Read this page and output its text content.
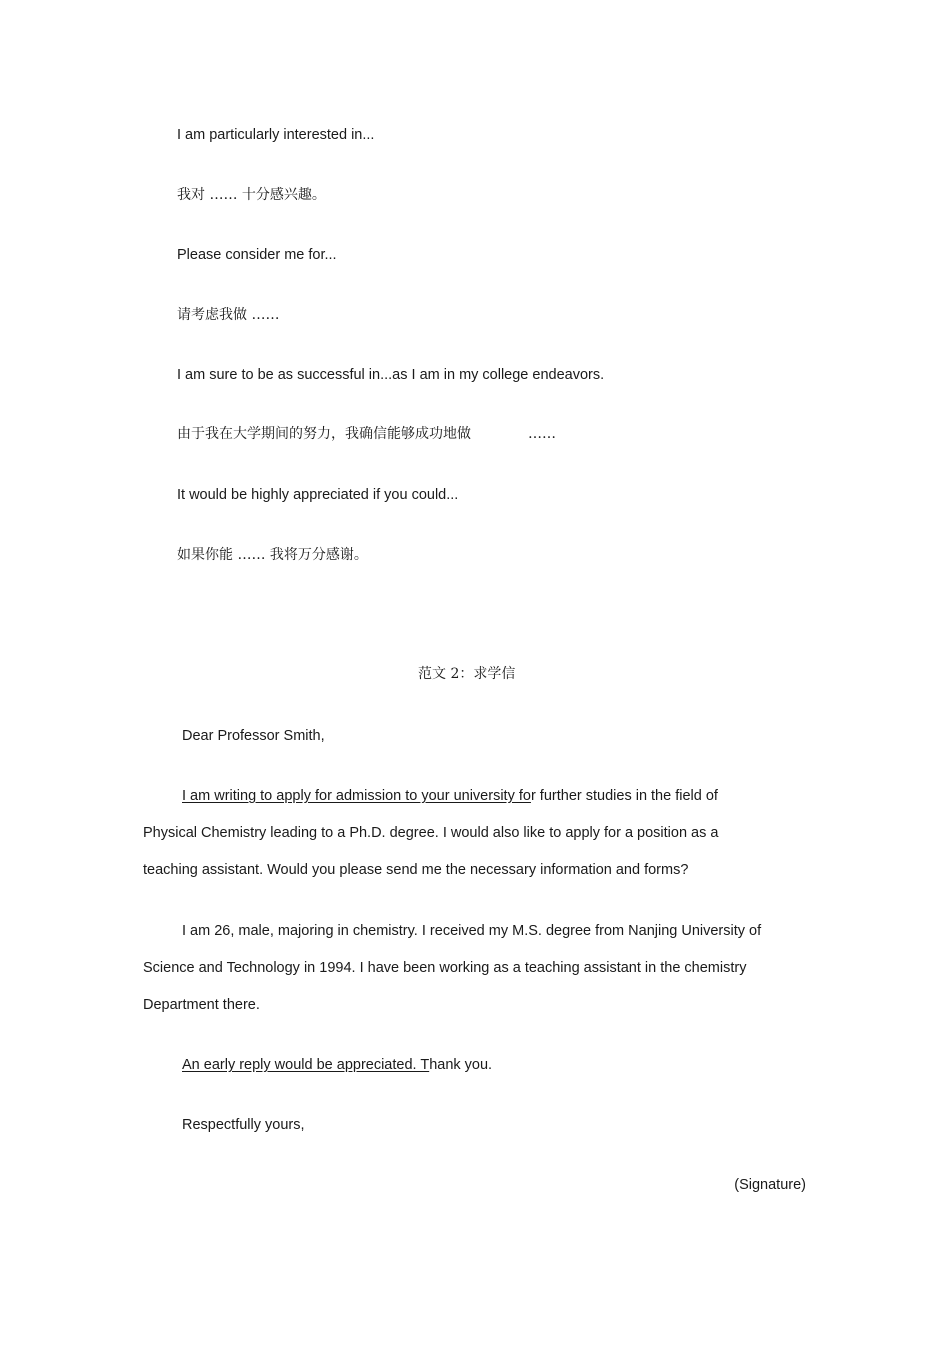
I am particularly interested in...
我对 …… 十分感兴趣。
Please consider me for...
请考虑我做 ……
I am sure to be as successful in...as I am in my college endeavors.
由于我在大学期间的努力，我确信能够成功地做	……
It would be highly appreciated if you could...
如果你能 …… 我将万分感谢。
范文 2：求学信
Dear Professor Smith,
I am writing to apply for admission to your university for further studies in the field of
Physical Chemistry leading to a Ph.D. degree. I would also like to apply for a position as a
teaching assistant. Would you please send me the necessary information and forms?
I am 26, male, majoring in chemistry. I received my M.S. degree from Nanjing University of
Science and Technology in 1994. I have been working as a teaching assistant in the chemistry
Department there.
An early reply would be appreciated. Thank you.
Respectfully yours,
(Signature)
